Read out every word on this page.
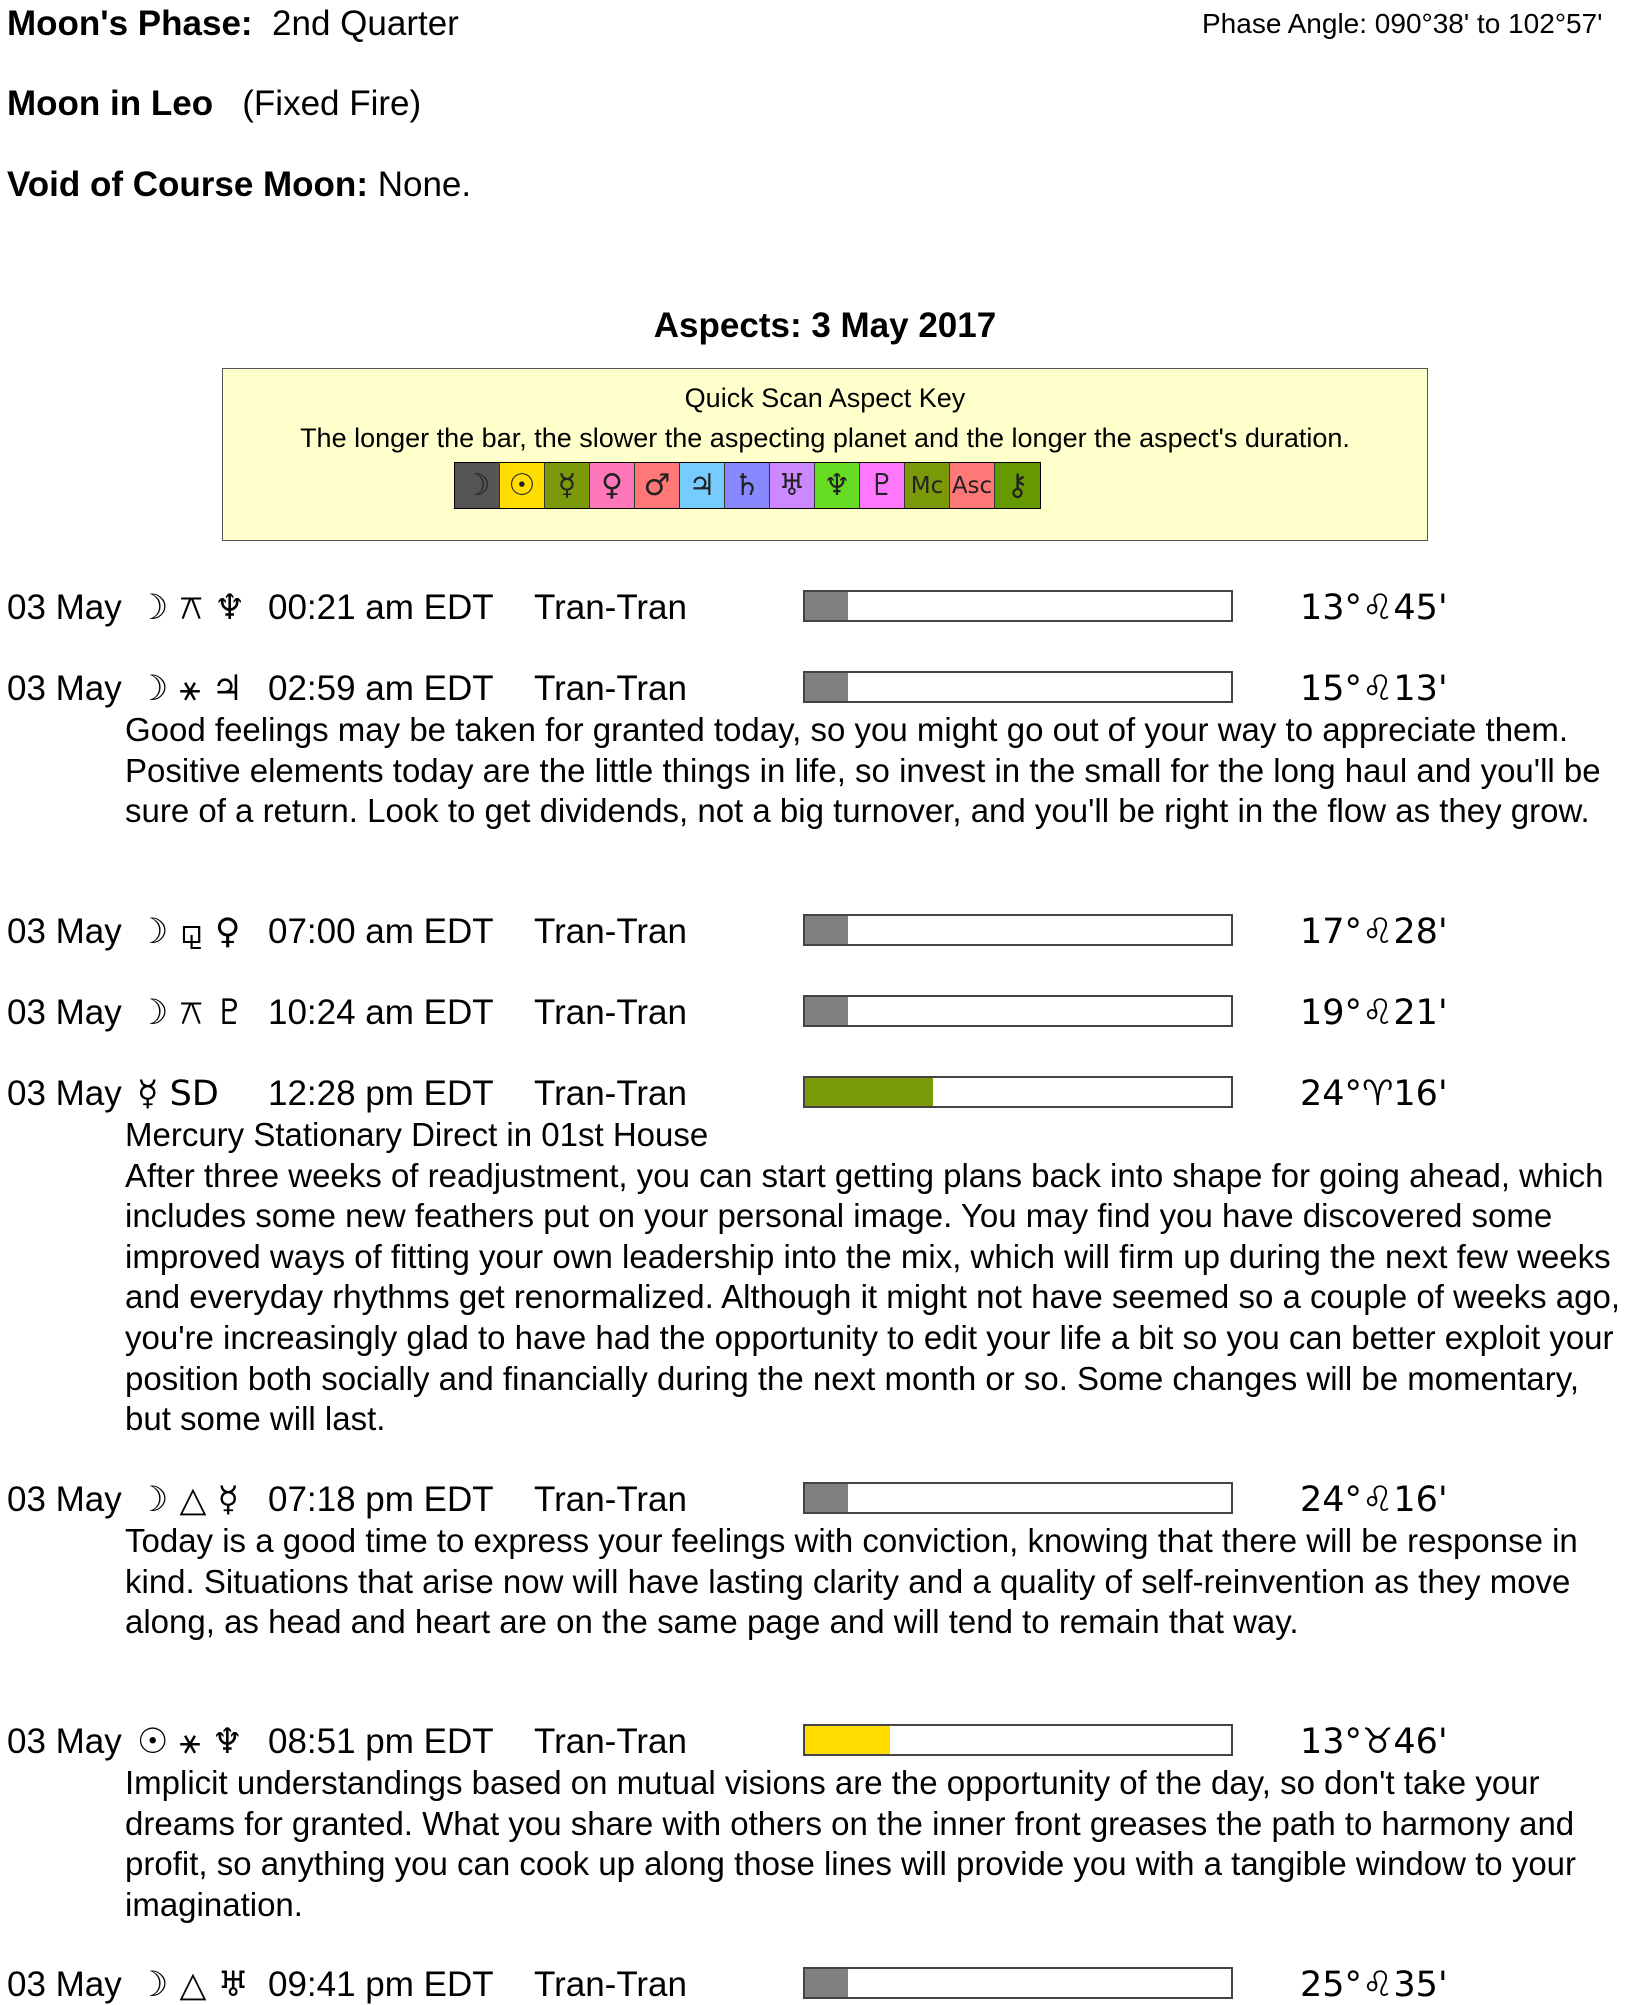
Moon's Phase: 2nd Quarter	Phase Angle: 090°38' to 102°57'
Moon in Leo (Fixed Fire)
Void of Course Moon: None.
Aspects: 3 May 2017
Quick Scan Aspect Key
The longer the bar, the slower the aspecting planet and the longer the aspect's duration.
☽ ☉ ☿ ♀ ♂ ♃ ♄ ♅ ♆ ♇ Mc Asc ⚷
03 May ☽ ⚻ ♆ 00:21 am EDT Tran-Tran	13°♌45'
03 May ☽ ⚹ ♃ 02:59 am EDT Tran-Tran	15°♌13'

Good feelings may be taken for granted today, so you might go out of your way to appreciate them. Positive elements today are the little things in life, so invest in the small for the long haul and you'll be sure of a return. Look to get dividends, not a big turnover, and you'll be right in the flow as they grow.

03 May ☽ ⚼ ♀ 07:00 am EDT Tran-Tran	17°♌28'
03 May ☽ ⚻ ♇ 10:24 am EDT Tran-Tran	19°♌21'
03 May ☿ SD 12:28 pm EDT Tran-Tran	24°♈16'

Mercury Stationary Direct in 01st House

After three weeks of readjustment, you can start getting plans back into shape for going ahead, which includes some new feathers put on your personal image. You may find you have discovered some improved ways of fitting your own leadership into the mix, which will firm up during the next few weeks and everyday rhythms get renormalized. Although it might not have seemed so a couple of weeks ago, you're increasingly glad to have had the opportunity to edit your life a bit so you can better exploit your position both socially and financially during the next month or so. Some changes will be momentary, but some will last.

03 May ☽ △ ☿ 07:18 pm EDT Tran-Tran	24°♌16'

Today is a good time to express your feelings with conviction, knowing that there will be response in kind. Situations that arise now will have lasting clarity and a quality of self-reinvention as they move along, as head and heart are on the same page and will tend to remain that way.

03 May ☉ ⚹ ♆ 08:51 pm EDT Tran-Tran	13°♉46'

Implicit understandings based on mutual visions are the opportunity of the day, so don't take your dreams for granted. What you share with others on the inner front greases the path to harmony and profit, so anything you can cook up along those lines will provide you with a tangible window to your imagination.

03 May ☽ △ ♅ 09:41 pm EDT Tran-Tran	25°♌35'
